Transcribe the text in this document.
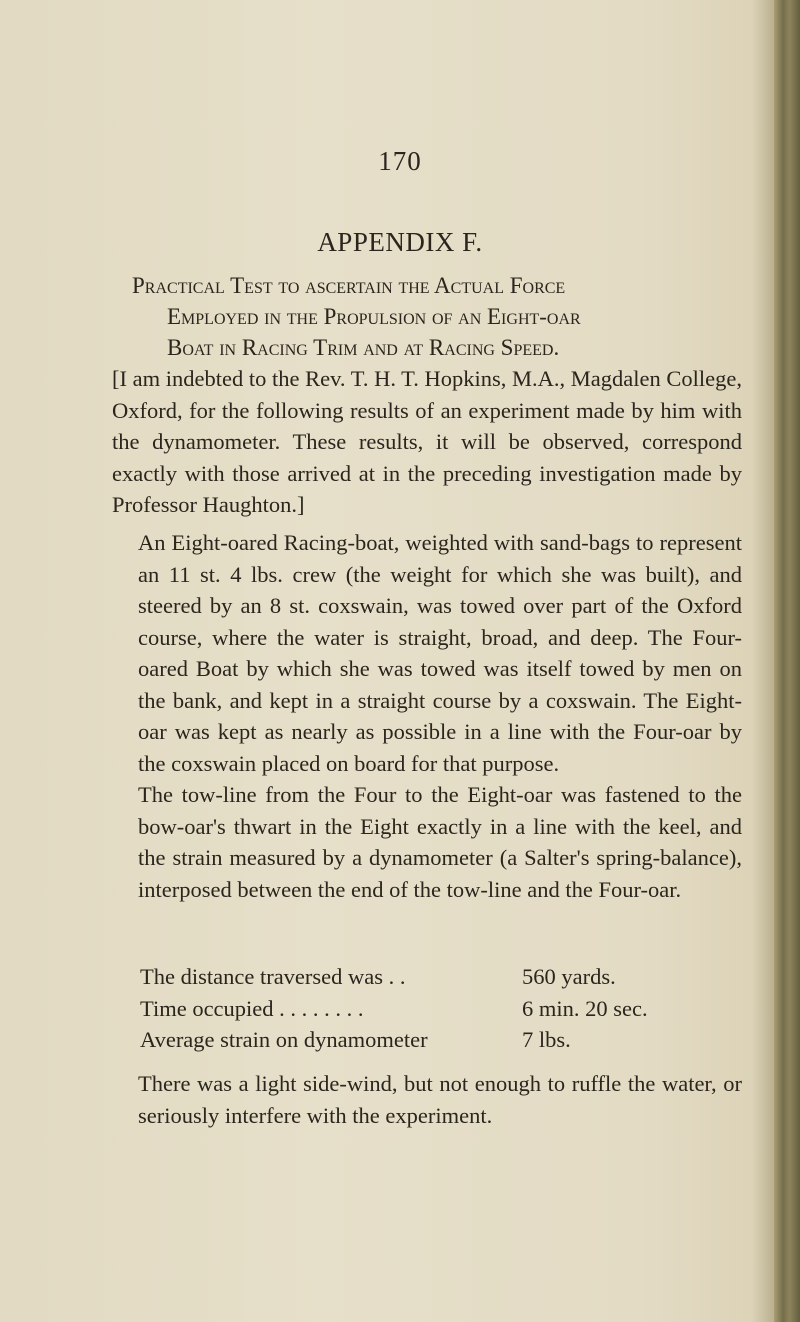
170
APPENDIX F.
Practical Test to ascertain the Actual Force
Employed in the Propulsion of an Eight-oar
Boat in Racing Trim and at Racing Speed.
[I am indebted to the Rev. T. H. T. Hopkins, M.A., Magdalen College, Oxford, for the following results of an experiment made by him with the dynamometer. These results, it will be observed, correspond exactly with those arrived at in the preceding investigation made by Professor Haughton.]
An Eight-oared Racing-boat, weighted with sand-bags to represent an 11 st. 4 lbs. crew (the weight for which she was built), and steered by an 8 st. coxswain, was towed over part of the Oxford course, where the water is straight, broad, and deep. The Four-oared Boat by which she was towed was itself towed by men on the bank, and kept in a straight course by a coxswain. The Eight-oar was kept as nearly as possible in a line with the Four-oar by the coxswain placed on board for that purpose.
The tow-line from the Four to the Eight-oar was fastened to the bow-oar's thwart in the Eight exactly in a line with the keel, and the strain measured by a dynamometer (a Salter's spring-balance), interposed between the end of the tow-line and the Four-oar.
The distance traversed was . .	560 yards.
Time occupied . . . . . . . .	6 min. 20 sec.
Average strain on dynamometer	7 lbs.
There was a light side-wind, but not enough to ruffle the water, or seriously interfere with the experiment.
